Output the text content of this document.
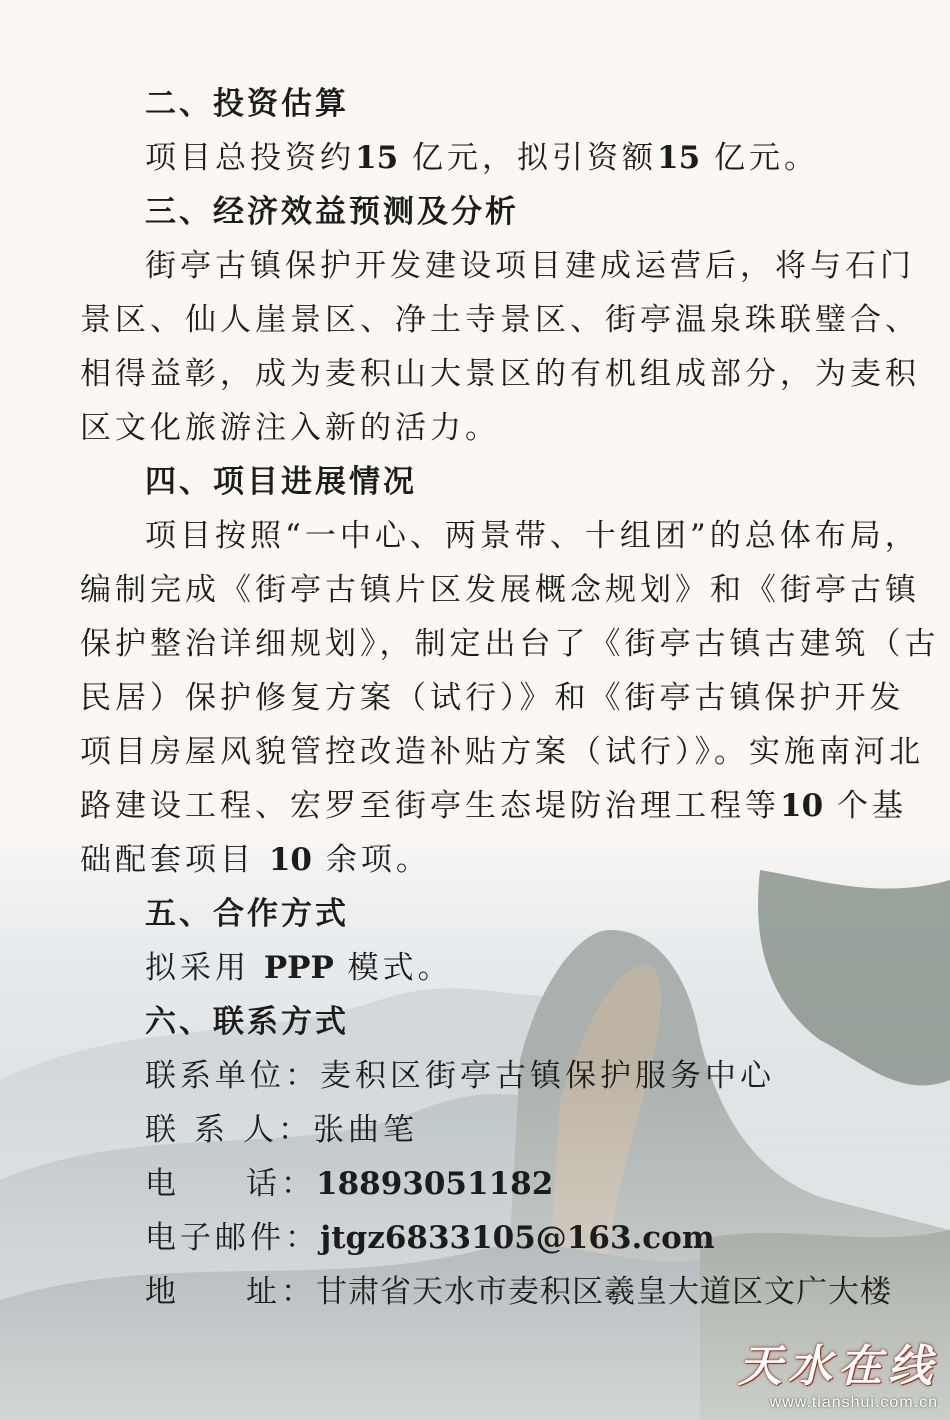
二、投资估算
项目总投资约15 亿元，拟引资额15 亿元。
三、经济效益预测及分析
街亭古镇保护开发建设项目建成运营后，将与石门
景区、仙人崖景区、净土寺景区、街亭温泉珠联璧合、
相得益彰，成为麦积山大景区的有机组成部分，为麦积
区文化旅游注入新的活力。
四、项目进展情况
项目按照“一中心、两景带、十组团”的总体布局，
编制完成《街亭古镇片区发展概念规划》和《街亭古镇
保护整治详细规划》，制定出台了《街亭古镇古建筑（古
民居）保护修复方案（试行）》和《街亭古镇保护开发
项目房屋风貌管控改造补贴方案（试行）》。实施南河北
路建设工程、宏罗至街亭生态堤防治理工程等10 个基
础配套项目 10 余项。
五、合作方式
拟采用 PPP 模式。
六、联系方式
联系单位：麦积区街亭古镇保护服务中心
联 系 人：张曲笔
电 话：18893051182
电子邮件：jtgz6833105@163.com
地 址：甘肃省天水市麦积区羲皇大道区文广大楼
天水在线
www.tianshui.com.cn
